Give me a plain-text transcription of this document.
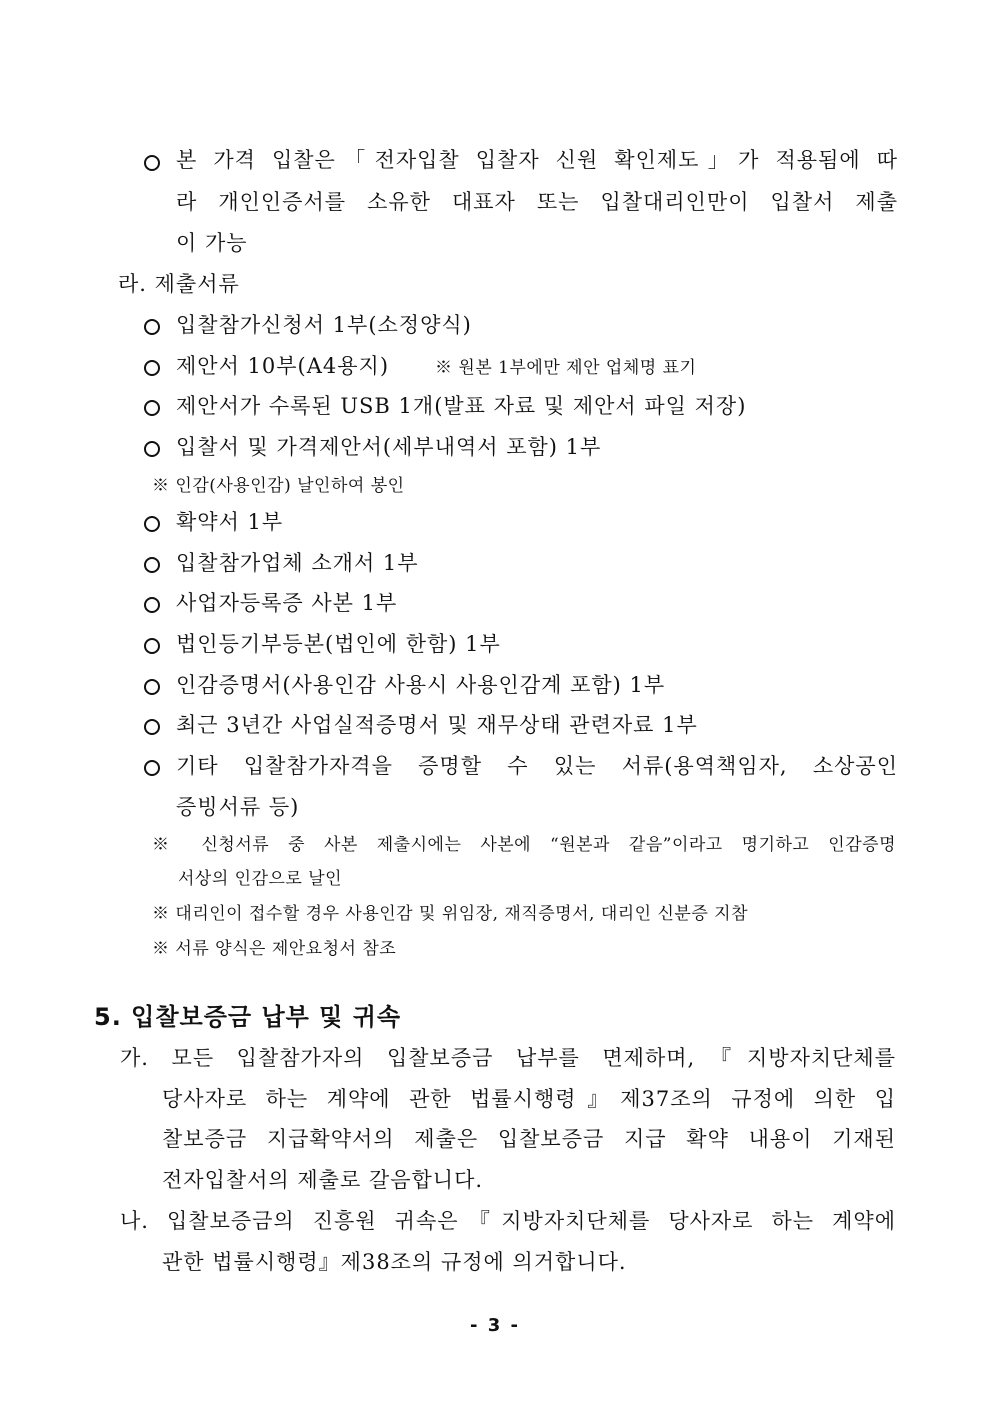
본 가격 입찰은「전자입찰 입찰자 신원 확인제도」가 적용됨에 따

라 개인인증서를 소유한 대표자 또는 입찰대리인만이 입찰서 제출

이 가능

라. 제출서류

입찰참가신청서 1부(소정양식)

제안서 10부(A4용지)	※ 원본 1부에만 제안 업체명 표기

제안서가 수록된 USB 1개(발표 자료 및 제안서 파일 저장)

입찰서 및 가격제안서(세부내역서 포함) 1부

※ 인감(사용인감) 날인하여 봉인

확약서 1부

입찰참가업체 소개서 1부

사업자등록증 사본 1부

법인등기부등본(법인에 한함) 1부

인감증명서(사용인감 사용시 사용인감계 포함) 1부

최근 3년간 사업실적증명서 및 재무상태 관련자료 1부

기타 입찰참가자격을 증명할 수 있는 서류(용역책임자, 소상공인

증빙서류 등)

※ 신청서류 중 사본 제출시에는 사본에 “원본과 같음”이라고 명기하고 인감증명

서상의 인감으로 날인

※ 대리인이 접수할 경우 사용인감 및 위임장, 재직증명서, 대리인 신분증 지참

※ 서류 양식은 제안요청서 참조

5. 입찰보증금 납부 및 귀속

가. 모든 입찰참가자의 입찰보증금 납부를 면제하며,『지방자치단체를

당사자로 하는 계약에 관한 법률시행령』제37조의 규정에 의한 입

찰보증금 지급확약서의 제출은 입찰보증금 지급 확약 내용이 기재된

전자입찰서의 제출로 갈음합니다.

나. 입찰보증금의 진흥원 귀속은『지방자치단체를 당사자로 하는 계약에

관한 법률시행령』제38조의 규정에 의거합니다.

- 3 -
